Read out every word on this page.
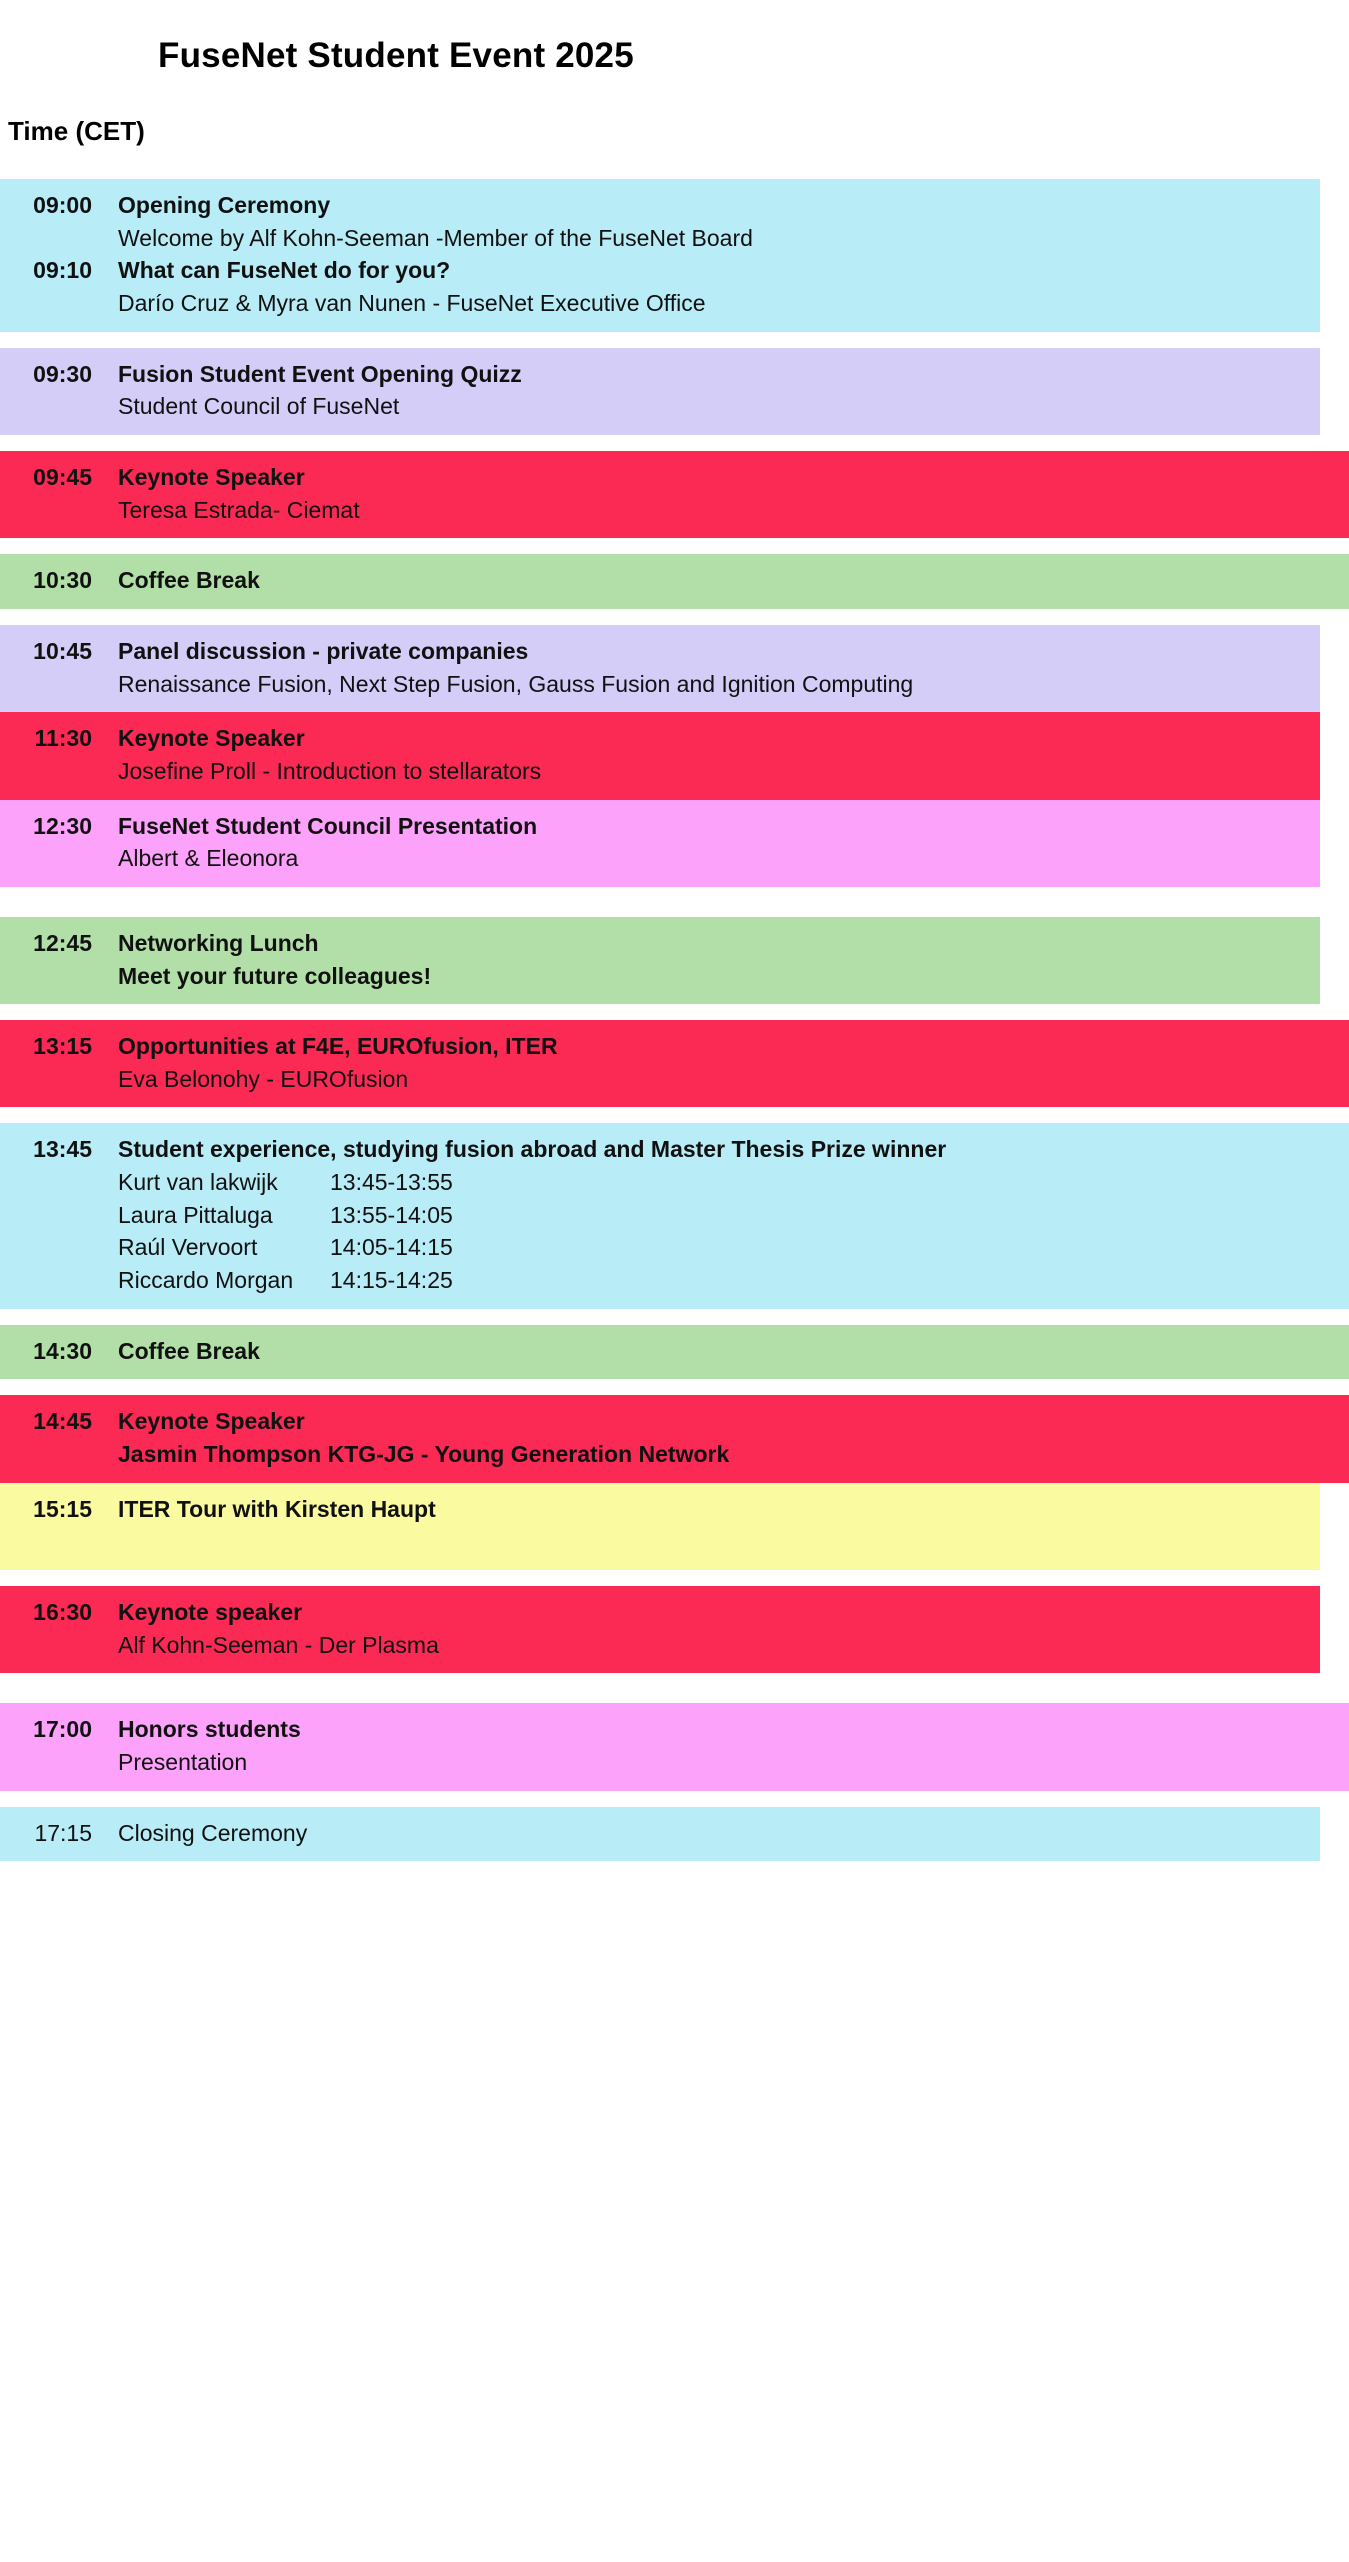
FuseNet Student Event 2025
Time (CET)
09:00	Opening Ceremony
Welcome by Alf Kohn-Seeman -Member of the FuseNet Board
09:10	What can FuseNet do for you?
Darío Cruz & Myra van Nunen - FuseNet Executive Office
09:30	Fusion Student Event Opening Quizz
Student Council of FuseNet
09:45	Keynote Speaker
Teresa Estrada- Ciemat
10:30	Coffee Break
10:45	Panel discussion - private companies
Renaissance Fusion, Next Step Fusion, Gauss Fusion and Ignition Computing
11:30	Keynote Speaker
Josefine Proll - Introduction to stellarators
12:30	FuseNet Student Council Presentation
Albert & Eleonora
12:45	Networking Lunch
Meet your future colleagues!
13:15	Opportunities at F4E, EUROfusion, ITER
Eva Belonohy - EUROfusion
13:45	Student experience, studying fusion abroad and Master Thesis Prize winner
Kurt van lakwijk	13:45-13:55
Laura Pittaluga	13:55-14:05
Raúl Vervoort	14:05-14:15
Riccardo Morgan	14:15-14:25
14:30	Coffee Break
14:45	Keynote Speaker
Jasmin Thompson KTG-JG - Young Generation Network
15:15	ITER Tour with Kirsten Haupt

16:30	Keynote speaker
Alf Kohn-Seeman - Der Plasma
17:00	Honors students
Presentation
17:15	Closing Ceremony
